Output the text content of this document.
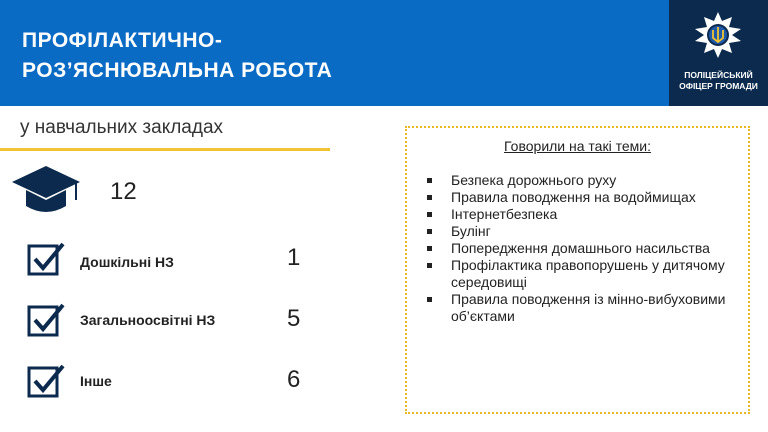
ПРОФІЛАКТИЧНО-
РОЗ’ЯСНЮВАЛЬНА РОБОТА	ПОЛІЦЕЙСЬКИЙ
ОФІЦЕР ГРОМАДИ
у навчальних закладах
12
Дошкільні НЗ	1
Загальноосвітні НЗ	5
Інше	6
Говорили на такі теми:
Безпека дорожнього руху
Правила поводження на водоймищах
Інтернетбезпека
Булінг
Попередження домашнього насильства
Профілактика правопорушень у дитячому середовищі
Правила поводження із мінно-вибуховими об’єктами
